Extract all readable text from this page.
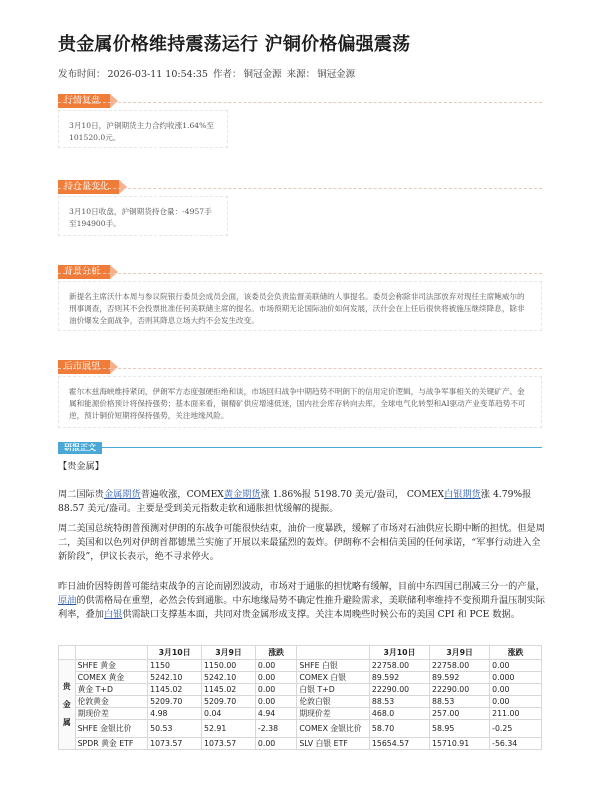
贵金属价格维持震荡运行 沪铜价格偏强震荡
发布时间： 2026-03-11 10:54:35 作者： 铜冠金源 来源： 铜冠金源
行情复盘
3月10日，沪铜期货主力合约收涨1.64%至101520.0元。
持仓量变化
3月10日收盘，沪铜期货持仓量：-4957手至194900手。
背景分析
新提名主席沃什本周与参议院银行委员会成员会面，该委员会负责监督美联储的人事提名。委员会称除非司法部放弃对现任主席鲍威尔的刑事调查，否则其不会投票批准任何美联储主席的提名。市场预期无论国际油价如何发展，沃什会在上任后很快将被施压继续降息，除非油价爆发全面战争，否则其降息立场大约不会发生改变。
后市展望
霍尔木兹海峡维持紧闭，伊朗军方态度强硬拒绝和谈，市场回归战争中期趋势不明朗下的信用定价逻辑，与战争军事相关的关键矿产、金属和能源价格预计将保持强势；基本面来看，铜精矿供应增速低迷，国内社会库存转向去库，全球电气化转型和AI驱动产业变革趋势不可逆，预计铜价短期将保持强势，关注地缘风险。
研报正文
【贵金属】
周二国际贵金属期货普遍收涨，COMEX黄金期货涨 1.86%报 5198.70 美元/盎司， COMEX白银期货涨 4.79%报 88.57 美元/盎司。主要是受到美元指数走软和通胀担忧缓解的提振。
周二美国总统特朗普预测对伊朗的东战争可能很快结束，油价一度暴跌，缓解了市场对石油供应长期中断的担忧。但是周二，美国和以色列对伊朗首都德黑兰实施了开展以来最猛烈的轰炸。伊朗称不会相信美国的任何承诺，“军事行动进入全新阶段”，伊议长表示，绝不寻求停火。
昨日油价因特朗普可能结束战争的言论而剧烈波动，市场对于通胀的担忧略有缓解，目前中东四国已削减三分一的产量，原油的供需格局在重塑，必然会传到通胀。中东地缘局势不确定性推升避险需求，美联储利率维持不变预期升温压制实际利率，叠加白银供需缺口支撑基本面，共同对贵金属形成支撑。关注本周晚些时候公布的美国 CPI 和 PCE 数据。
		3月10日	3月9日	涨跌		3月10日	3月9日	涨跌
贵金属	SHFE 黄金	1150	1150.00	0.00	SHFE 白银	22758.00	22758.00	0.00
	COMEX 黄金	5242.10	5242.10	0.00	COMEX 白银	89.592	89.592	0.000
	黄金 T+D	1145.02	1145.02	0.00	白银 T+D	22290.00	22290.00	0.00
	伦敦黄金	5209.70	5209.70	0.00	伦敦白银	88.53	88.53	0.00
	期现价差	4.98	0.04	4.94	期现价差	468.0	257.00	211.00
	SHFE 金银比价	50.53	52.91	-2.38	COMEX 金银比价	58.70	58.95	-0.25
	SPDR 黄金 ETF	1073.57	1073.57	0.00	SLV 白银 ETF	15654.57	15710.91	-56.34
